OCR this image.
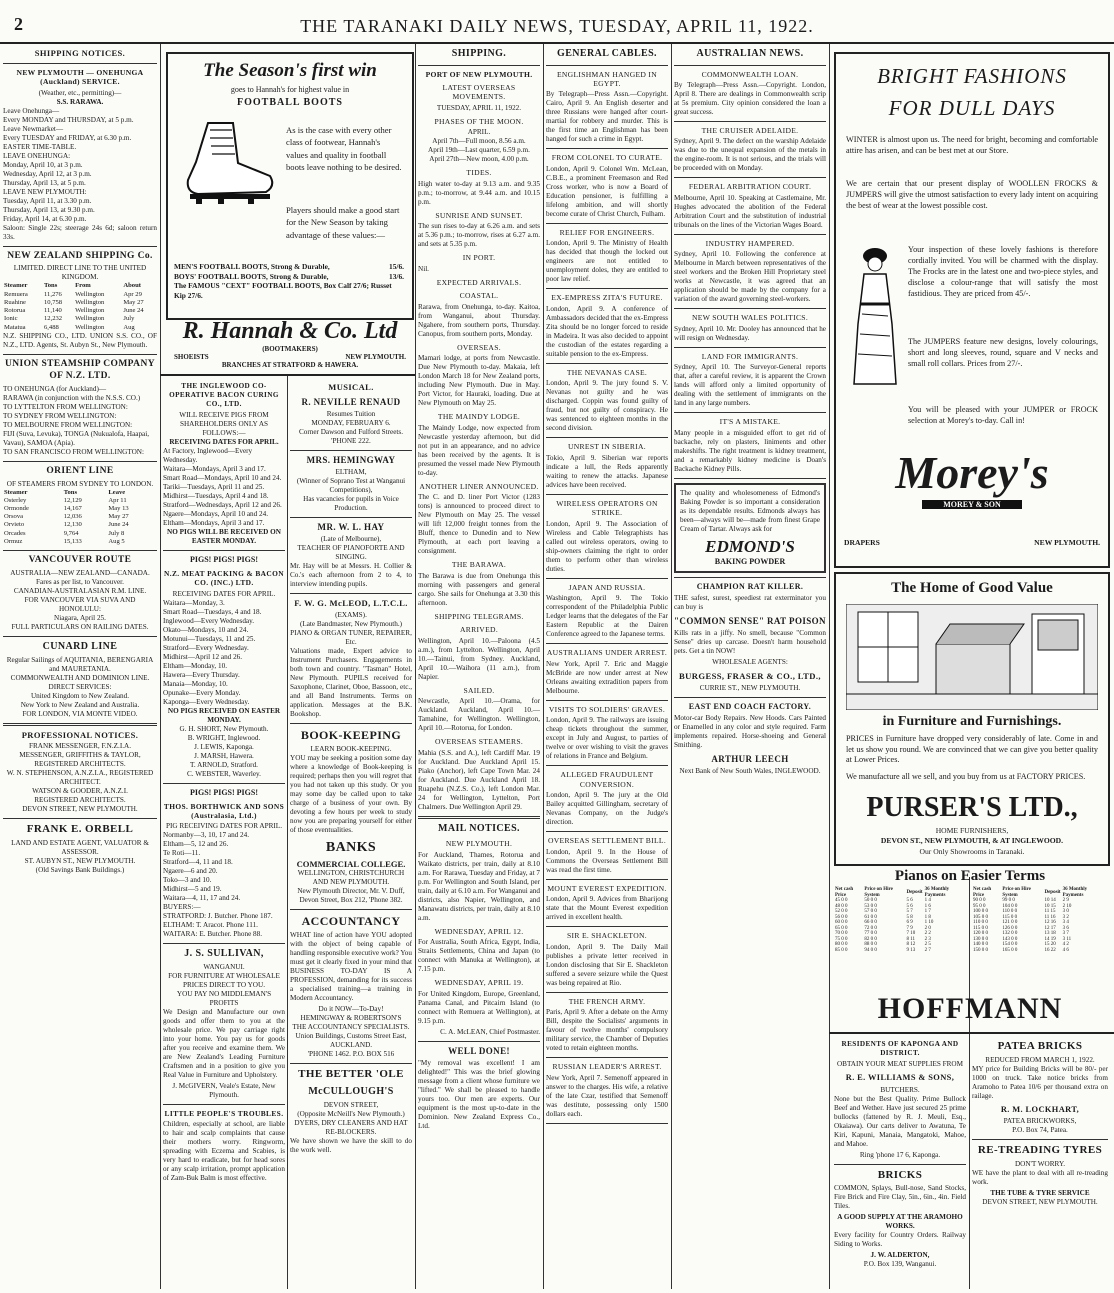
2	THE TARANAKI DAILY NEWS, TUESDAY, APRIL 11, 1922.
SHIPPING NOTICES.
NEW PLYMOUTH — ONEHUNGA (Auckland) SERVICE.
(Weather, etc., permitting)—
S.S. RARAWA.
Leave Onehunga—
Every MONDAY and THURSDAY, at 5 p.m.
Leave Newmarket—
Every TUESDAY and FRIDAY, at 6.30 p.m.
EASTER TIME-TABLE.
LEAVE ONEHUNGA:
Monday, April 10, at 3 p.m.
Wednesday, April 12, at 3 p.m.
Thursday, April 13, at 5 p.m.
LEAVE NEW PLYMOUTH:
Tuesday, April 11, at 3.30 p.m.
Thursday, April 13, at 9.30 p.m.
Friday, April 14, at 6.30 p.m.

Saloon: Single 22s; steerage 24s 6d; saloon return 33s.

NEW ZEALAND SHIPPING Co.
LIMITED. DIRECT LINE TO THE UNITED KINGDOM.
Steamer	Tons	From	About
Remuera	11,276	Wellington	Apr 29
Ruahine	10,758	Wellington	May 27
Rotorua	11,140	Wellington	June 24
Ionic	12,232	Wellington	July
Matatua	6,488	Wellington	Aug

N.Z. SHIPPING CO., LTD. UNION S.S. CO., OF N.Z., LTD. Agents, St. Aubyn St., New Plymouth.

UNION STEAMSHIP COMPANY OF N.Z. LTD.
TO ONEHUNGA (for Auckland)—
RARAWA (in conjunction with the N.S.S. CO.)
TO LYTTELTON FROM WELLINGTON:
TO SYDNEY FROM WELLINGTON:
TO MELBOURNE FROM WELLINGTON:
FIJI (Suva, Levuka), TONGA (Nukualofa, Haapai, Vavau), SAMOA (Apia).
TO SAN FRANCISCO FROM WELLINGTON:
ORIENT LINE
OF STEAMERS FROM SYDNEY TO LONDON.
Steamer	Tons	Leave
Osterley	12,129	Apr 11
Ormonde	14,167	May 13
Orsova	12,036	May 27
Orvieto	12,130	June 24
Orcades	9,764	July 8
Ormuz	15,133	Aug 5
VANCOUVER ROUTE
AUSTRALIA—NEW ZEALAND—CANADA.
Fares as per list, to Vancouver.
CANADIAN-AUSTRALASIAN R.M. LINE.
FOR VANCOUVER VIA SUVA AND HONOLULU:
Niagara, April 25.
FULL PARTICULARS ON RAILING DATES.
CUNARD LINE
Regular Sailings of AQUITANIA, BERENGARIA and MAURETANIA.
COMMONWEALTH AND DOMINION LINE.
DIRECT SERVICES:
United Kingdom to New Zealand.
New York to New Zealand and Australia.
FOR LONDON, VIA MONTE VIDEO.
PROFESSIONAL NOTICES.
FRANK MESSENGER, F.N.Z.I.A.
MESSENGER, GRIFFITHS & TAYLOR, REGISTERED ARCHITECTS.
W. N. STEPHENSON, A.N.Z.I.A., REGISTERED ARCHITECT.
WATSON & GOODER, A.N.Z.I.
REGISTERED ARCHITECTS.
DEVON STREET, NEW PLYMOUTH.
FRANK E. ORBELL
LAND AND ESTATE AGENT, VALUATOR & ASSESSOR.
ST. AUBYN ST., NEW PLYMOUTH.
(Old Savings Bank Buildings.)
The Season's first win
goes to Hannah's for highest value in
FOOTBALL BOOTS
As is the case with every other class of footwear, Hannah's values and quality in football boots leave nothing to be desired.
Players should make a good start for the New Season by taking advantage of these values:—
MEN'S FOOTBALL BOOTS, Strong & Durable,	15/6.
BOYS' FOOTBALL BOOTS, Strong & Durable,	13/6.
The FAMOUS "CEXT" FOOTBALL BOOTS, Box Calf 27/6; Russet Kip 27/6.
R. Hannah & Co. Ltd
(BOOTMAKERS)
SHOEISTS	NEW PLYMOUTH.
BRANCHES AT STRATFORD & HAWERA.
THE INGLEWOOD CO-OPERATIVE BACON CURING CO., LTD.
WILL RECEIVE PIGS FROM SHAREHOLDERS ONLY AS FOLLOWS:—
RECEIVING DATES FOR APRIL.
At Factory, Inglewood—Every Wednesday.
Waitara—Mondays, April 3 and 17.
Smart Road—Mondays, April 10 and 24.
Tariki—Tuesdays, April 11 and 25.
Midhirst—Tuesdays, April 4 and 18.
Stratford—Wednesdays, April 12 and 26.
Ngaere—Mondays, April 10 and 24.
Eltham—Mondays, April 3 and 17.
NO PIGS WILL BE RECEIVED ON EASTER MONDAY.
PIGS! PIGS! PIGS!
N.Z. MEAT PACKING & BACON CO. (INC.) LTD.
RECEIVING DATES FOR APRIL.
Waitara—Monday, 3.
Smart Road—Tuesdays, 4 and 18.
Inglewood—Every Wednesday.
Okato—Mondays, 10 and 24.
Motunui—Tuesdays, 11 and 25.
Stratford—Every Wednesday.
Midhirst—April 12 and 26.
Eltham—Monday, 10.
Hawera—Every Thursday.
Manaia—Monday, 10.
Opunake—Every Monday.
Kaponga—Every Wednesday.
NO PIGS RECEIVED ON EASTER MONDAY.
G. H. SHORT, New Plymouth.
B. WRIGHT, Inglewood.
J. LEWIS, Kaponga.
J. MARSH, Hawera.
T. ARNOLD, Stratford.
C. WEBSTER, Waverley.
PIGS! PIGS! PIGS!
THOS. BORTHWICK AND SONS (Australasia, Ltd.)
PIG RECEIVING DATES FOR APRIL.
Normanby—3, 10, 17 and 24.
Eltham—5, 12 and 26.
Te Roti—11.
Stratford—4, 11 and 18.
Ngaere—6 and 20.
Toko—3 and 10.
Midhirst—5 and 19.
Waitara—4, 11, 17 and 24.
BUYERS:—
STRATFORD: J. Butcher. Phone 187.
ELTHAM: T. Aracot. Phone 111.
WAITARA: E. Butcher. Phone 88.
J. S. SULLIVAN,
WANGANUI.
FOR FURNITURE AT WHOLESALE PRICES DIRECT TO YOU.
YOU PAY NO MIDDLEMAN'S PROFITS

We Design and Manufacture our own goods and offer them to you at the wholesale price. We pay carriage right into your home. You pay us for goods after you receive and examine them. We are New Zealand's Leading Furniture Craftsmen and in a position to give you Real Value in Furniture and Upholstery.

J. McGIVERN, Veale's Estate, New Plymouth.
LITTLE PEOPLE'S TROUBLES.

Children, especially at school, are liable to hair and scalp complaints that cause their mothers worry. Ringworm, spreading with Eczema and Scabies, is very hard to eradicate, but for head sores or any scalp irritation, prompt application of Zam-Buk Balm is most effective.

MUSICAL.
R. NEVILLE RENAUD
Resumes Tuition
MONDAY, FEBRUARY 6.
Corner Dawson and Fulford Streets.
'PHONE 222.
MRS. HEMINGWAY
ELTHAM,
(Winner of Soprano Test at Wanganui Competitions),
Has vacancies for pupils in Voice Production.
MR. W. L. HAY
(Late of Melbourne),
TEACHER OF PIANOFORTE AND SINGING.

Mr. Hay will be at Messrs. H. Collier & Co.'s each afternoon from 2 to 4, to interview intending pupils.

F. W. G. McLEOD, L.T.C.L.
(EXAMS).
(Late Bandmaster, New Plymouth.)
PIANO & ORGAN TUNER, REPAIRER, Etc.

Valuations made, Expert advice to Instrument Purchasers. Engagements in both town and country. "Tasman" Hotel, New Plymouth. PUPILS received for Saxophone, Clarinet, Oboe, Bassoon, etc., and all Band Instruments. Terms on application. Messages at the B.K. Bookshop.

BOOK-KEEPING
LEARN BOOK-KEEPING.

YOU may be seeking a position some day where a knowledge of Book-keeping is required; perhaps then you will regret that you had not taken up this study. Or you may some day be called upon to take charge of a business of your own. By devoting a few hours per week to study now you are preparing yourself for either of those eventualities.

BANKS
COMMERCIAL COLLEGE.
WELLINGTON, CHRISTCHURCH AND NEW PLYMOUTH.
New Plymouth Director, Mr. V. Duff, Devon Street, Box 212, 'Phone 382.
ACCOUNTANCY

WHAT line of action have YOU adopted with the object of being capable of handling responsible executive work? You must get it clearly fixed in your mind that BUSINESS TO-DAY IS A PROFESSION, demanding for its success a specialised training—a training in Modern Accountancy.

Do it NOW—To-Day!
HEMINGWAY & ROBERTSON'S
THE ACCOUNTANCY SPECIALISTS.
Union Buildings, Customs Street East, AUCKLAND.
'PHONE 1462. P.O. BOX 516
THE BETTER 'OLE
McCULLOUGH'S
DEVON STREET,
(Opposite McNeill's New Plymouth.)
DYERS, DRY CLEANERS AND HAT RE-BLOCKERS.

We have shown we have the skill to do the work well.

SHIPPING.
PORT OF NEW PLYMOUTH.
LATEST OVERSEAS MOVEMENTS.
TUESDAY, APRIL 11, 1922.
PHASES OF THE MOON.
APRIL.
April 7th—Full moon, 8.56 a.m.
April 19th—Last quarter, 6.59 p.m.
April 27th—New moon, 4.00 p.m.
TIDES.

High water to-day at 9.13 a.m. and 9.35 p.m.; to-morrow, at 9.44 a.m. and 10.15 p.m.

SUNRISE AND SUNSET.

The sun rises to-day at 6.26 a.m. and sets at 5.36 p.m.; to-morrow, rises at 6.27 a.m. and sets at 5.35 p.m.

IN PORT.

Nil.

EXPECTED ARRIVALS.
COASTAL.

Rarawa, from Onehunga, to-day. Kaitoa, from Wanganui, about Thursday. Ngahere, from southern ports, Thursday. Canopus, from southern ports, Monday.

OVERSEAS.

Mamari lodge, at ports from Newcastle. Due New Plymouth to-day. Makaia, left London March 18 for New Zealand ports, including New Plymouth. Due in May. Port Victor, for Hauraki, loading. Due at New Plymouth on May 25.

THE MAINDY LODGE.

The Maindy Lodge, now expected from Newcastle yesterday afternoon, but did not put in an appearance, and no advice has been received by the agents. It is presumed the vessel made New Plymouth to-day.

ANOTHER LINER ANNOUNCED.

The C. and D. liner Port Victor (1283 tons) is announced to proceed direct to New Plymouth on May 25. The vessel will lift 12,000 freight tonnes from the Bluff, thence to Dunedin and to New Plymouth, at each port leaving a consignment.

THE BARAWA.

The Barawa is due from Onehunga this morning with passengers and general cargo. She sails for Onehunga at 3.30 this afternoon.

SHIPPING TELEGRAMS.
ARRIVED.

Wellington, April 10.—Paloona (4.5 a.m.), from Lyttelton. Wellington, April 10.—Tainui, from Sydney. Auckland, April 10.—Waihora (11 a.m.), from Napier.

SAILED.

Newcastle, April 10.—Orama, for Auckland. Auckland, April 10.—Tamahine, for Wellington. Wellington, April 10.—Rotorua, for London.

OVERSEAS STEAMERS.

Mahia (S.S. and A.), left Cardiff Mar. 19 for Auckland. Due Auckland April 15. Piako (Anchor), left Cape Town Mar. 24 for Auckland. Due Auckland April 18. Ruapehu (N.Z.S. Co.), left London Mar. 24 for Wellington, Lyttelton, Port Chalmers. Due Wellington April 29.

MAIL NOTICES.
NEW PLYMOUTH.

For Auckland, Thames, Rotorua and Waikato districts, per train, daily at 8.10 a.m. For Rarawa, Tuesday and Friday, at 7 p.m. For Wellington and South Island, per train, daily at 6.10 a.m. For Wanganui and districts, also Napier, Wellington, and Manawatu districts, per train, daily at 8.10 a.m.

WEDNESDAY, APRIL 12.

For Australia, South Africa, Egypt, India, Straits Settlements, China and Japan (to connect with Manuka at Wellington), at 7.15 p.m.

WEDNESDAY, APRIL 19.

For United Kingdom, Europe, Greenland, Panama Canal, and Pitcairn Island (to connect with Remuera at Wellington), at 9.15 p.m.

C. A. McLEAN, Chief Postmaster.
WELL DONE!

"My removal was excellent! I am delighted!" This was the brief glowing message from a client whose furniture we "lifted." We shall be pleased to handle yours too. Our men are experts. Our equipment is the most up-to-date in the Dominion. New Zealand Express Co., Ltd.

GENERAL CABLES.
ENGLISHMAN HANGED IN EGYPT.

By Telegraph—Press Assn.—Copyright. Cairo, April 9. An English deserter and three Russians were hanged after court-martial for robbery and murder. This is the first time an Englishman has been hanged for such a crime in Egypt.

FROM COLONEL TO CURATE.

London, April 9. Colonel Wm. McLean, C.B.E., a prominent Freemason and Red Cross worker, who is now a Board of Education pensioner, is fulfilling a lifelong ambition, and will shortly become curate of Christ Church, Fulham.

RELIEF FOR ENGINEERS.

London, April 9. The Ministry of Health has decided that though the locked out engineers are not entitled to unemployment doles, they are entitled to poor law relief.

EX-EMPRESS ZITA'S FUTURE.

London, April 9. A conference of Ambassadors decided that the ex-Empress Zita should be no longer forced to reside in Madeira. It was also decided to appoint the custodian of the estates regarding a suitable pension to the ex-Empress.

THE NEVANAS CASE.

London, April 9. The jury found S. V. Nevanas not guilty and he was discharged. Coppin was found guilty of fraud, but not guilty of conspiracy. He was sentenced to eighteen months in the second division.

UNREST IN SIBERIA.

Tokio, April 9. Siberian war reports indicate a lull, the Reds apparently waiting to renew the attacks. Japanese advices have been received.

WIRELESS OPERATORS ON STRIKE.

London, April 9. The Association of Wireless and Cable Telegraphists has called out wireless operators, owing to ship-owners claiming the right to order them to perform other than wireless duties.

JAPAN AND RUSSIA.

Washington, April 9. The Tokio correspondent of the Philadelphia Public Ledger learns that the delegates of the Far Eastern Republic at the Dairen Conference agreed to the Japanese terms.

AUSTRALIANS UNDER ARREST.

New York, April 7. Eric and Maggie McBride are now under arrest at New Orleans awaiting extradition papers from Melbourne.

VISITS TO SOLDIERS' GRAVES.

London, April 9. The railways are issuing cheap tickets throughout the summer, except in July and August, to parties of twelve or over wishing to visit the graves of relations in France and Belgium.

ALLEGED FRAUDULENT CONVERSION.

London, April 9. The jury at the Old Bailey acquitted Gillingham, secretary of Nevanas Company, on the Judge's direction.

OVERSEAS SETTLEMENT BILL.

London, April 9. In the House of Commons the Overseas Settlement Bill was read the first time.

MOUNT EVEREST EXPEDITION.

London, April 9. Advices from Bharijong state that the Mount Everest expedition arrived in excellent health.

SIR E. SHACKLETON.

London, April 9. The Daily Mail publishes a private letter received in London disclosing that Sir E. Shackleton suffered a severe seizure while the Quest was being repaired at Rio.

THE FRENCH ARMY.

Paris, April 9. After a debate on the Army Bill, despite the Socialists' arguments in favour of twelve months' compulsory military service, the Chamber of Deputies voted to retain eighteen months.

RUSSIAN LEADER'S ARREST.

New York, April 7. Semenoff appeared in answer to the charges. His wife, a relative of the late Czar, testified that Semenoff was destitute, possessing only 1500 dollars each.

AUSTRALIAN NEWS.
COMMONWEALTH LOAN.

By Telegraph—Press Assn.—Copyright. London, April 8. There are dealings in Commonwealth scrip at 5s premium. City opinion considered the loan a great success.

THE CRUISER ADELAIDE.

Sydney, April 9. The defect on the warship Adelaide was due to the unequal expansion of the metals in the engine-room. It is not serious, and the trials will be proceeded with on Monday.

FEDERAL ARBITRATION COURT.

Melbourne, April 10. Speaking at Castlemaine, Mr. Hughes advocated the abolition of the Federal Arbitration Court and the substitution of industrial tribunals on the lines of the Victorian Wages Board.

INDUSTRY HAMPERED.

Sydney, April 10. Following the conference at Melbourne in March between representatives of the steel workers and the Broken Hill Proprietary steel works at Newcastle, it was agreed that an application should be made by the company for a variation of the award governing steel-workers.

NEW SOUTH WALES POLITICS.

Sydney, April 10. Mr. Dooley has announced that he will resign on Wednesday.

LAND FOR IMMIGRANTS.

Sydney, April 10. The Surveyor-General reports that, after a careful review, it is apparent the Crown lands will afford only a limited opportunity of dealing with the settlement of immigrants on the land in any large numbers.

IT'S A MISTAKE.

Many people in a misguided effort to get rid of backache, rely on plasters, liniments and other makeshifts. The right treatment is kidney treatment, and a remarkably kidney medicine is Doan's Backache Kidney Pills.

The quality and wholesomeness of Edmond's Baking Powder is so important a consideration as its dependable results. Edmonds always has been—always will be—made from finest Grape Cream of Tartar. Always ask for

EDMOND'S
BAKING POWDER
CHAMPION RAT KILLER.

THE safest, surest, speediest rat exterminator you can buy is

"COMMON SENSE" RAT POISON

Kills rats in a jiffy. No smell, because "Common Sense" dries up carcase. Doesn't harm household pets. Get a tin NOW!

WHOLESALE AGENTS:
BURGESS, FRASER & CO., LTD.,
CURRIE ST., NEW PLYMOUTH.
EAST END COACH FACTORY.

Motor-car Body Repairs. New Hoods. Cars Painted or Enamelled in any color and style required. Farm implements repaired. Horse-shoeing and General Smithing.

ARTHUR LEECH
Next Bank of New South Wales, INGLEWOOD.
BRIGHT FASHIONS
FOR DULL DAYS

WINTER is almost upon us. The need for bright, becoming and comfortable attire has arisen, and can be best met at our Store.

We are certain that our present display of WOOLLEN FROCKS & JUMPERS will give the utmost satisfaction to every lady intent on acquiring the best of wear at the lowest possible cost.

Your inspection of these lovely fashions is therefore cordially invited. You will be charmed with the display. The Frocks are in the latest one and two-piece styles, and disclose a colour-range that will satisfy the most fastidious. They are priced from 45/-.

The JUMPERS feature new designs, lovely colourings, short and long sleeves, round, square and V necks and small roll collars. Prices from 27/-.

You will be pleased with your JUMPER or FROCK selection at Morey's to-day. Call in!

Morey's
MOREY & SON
DRAPERS	NEW PLYMOUTH.
The Home of Good Value
in Furniture and Furnishings.
PRICES in Furniture have dropped very considerably of late. Come in and let us show you round. We are convinced that we can give you better quality at Lower Prices.
We manufacture all we sell, and you buy from us at FACTORY PRICES.
PURSER'S LTD.,
HOME FURNISHERS,
DEVON ST., NEW PLYMOUTH, & AT INGLEWOOD.
Our Only Showrooms in Taranaki.
Pianos on Easier Terms
Net cash Price	Price on Hire System	Deposit	36 Monthly Payments
45 0 0	50 0 0	5 6	1 4
48 0 0	53 0 0	5 6	1 6
52 0 0	57 0 0	5 7	1 7
56 0 0	61 0 0	5 8	1 8
60 0 0	66 0 0	6 9	1 10
65 0 0	72 0 0	7 9	2 0
70 0 0	77 0 0	7 10	2 2
75 0 0	82 0 0	8 11	2 3
80 0 0	88 0 0	8 12	2 5
85 0 0	94 0 0	9 13	2 7
Net cash Price	Price on Hire System	Deposit	36 Monthly Payments
90 0 0	99 0 0	10 14	2 9
95 0 0	104 0 0	10 15	2 10
100 0 0	110 0 0	11 15	3 0
105 0 0	115 0 0	11 16	3 2
110 0 0	121 0 0	12 16	3 4
115 0 0	126 0 0	12 17	3 6
120 0 0	132 0 0	13 18	3 7
130 0 0	143 0 0	14 19	3 11
140 0 0	154 0 0	15 20	4 2
150 0 0	165 0 0	16 22	4 6
HOFFMANN
RESIDENTS OF KAPONGA AND DISTRICT.
OBTAIN YOUR MEAT SUPPLIES FROM
R. E. WILLIAMS & SONS,
BUTCHERS.

None but the Best Quality. Prime Bullock Beef and Wether. Have just secured 25 prime bullocks (fattened by R. J. Meuli, Esq., Okaiawa). Our carts deliver to Awatuna, Te Kiri, Kapuni, Manaia, Mangatoki, Mahoe, and Mahoe.

Ring 'phone 17 6, Kaponga.
BRICKS

COMMON, Splays, Bull-nose, Sand Stocks, Fire Brick and Fire Clay, 5in., 6in., 4in. Field Tiles.

A GOOD SUPPLY AT THE ARAMOHO WORKS.

Every facility for Country Orders. Railway Siding to Works.

J. W. ALDERTON,
P.O. Box 139, Wanganui.
PATEA BRICKS
REDUCED FROM MARCH 1, 1922.

MY price for Building Bricks will be 80/- per 1000 on truck. Take notice bricks from Aramoho to Patea 10/6 per thousand extra on railage.

R. M. LOCKHART,
PATEA BRICKWORKS,
P.O. Box 74, Patea.
RE-TREADING TYRES
DON'T WORRY.

WE have the plant to deal with all re-treading work.

THE TUBE & TYRE SERVICE
DEVON STREET, NEW PLYMOUTH.
